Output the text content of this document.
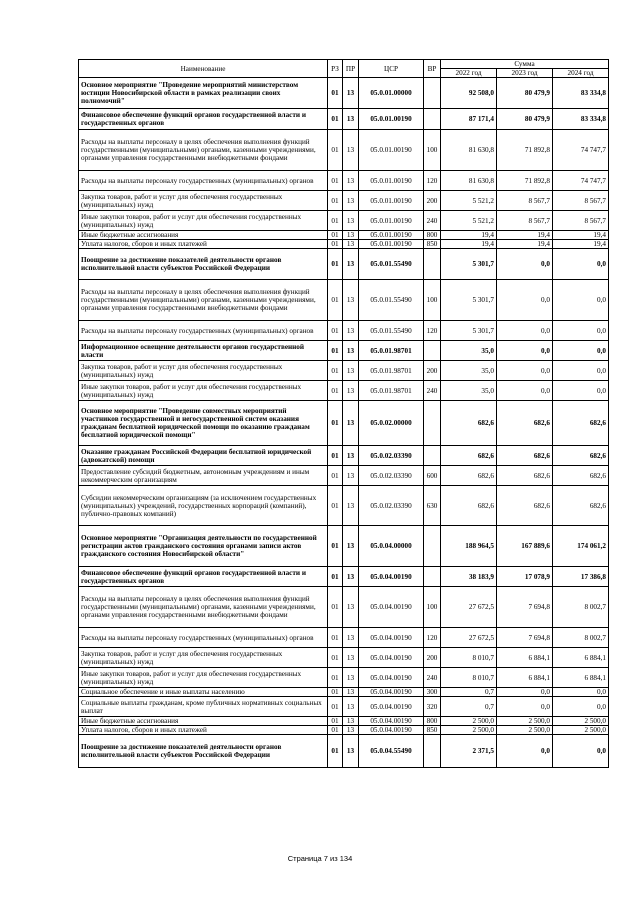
Наименование	РЗ	ПР	ЦСР	ВР	Сумма		
					2022 год	2023 год	2024 год
Основное мероприятие "Проведение мероприятий министерством юстиции Новосибирской области в рамках реализации своих полномочий"	01	13	05.0.01.00000		92 508,0	80 479,9	83 334,8
Финансовое обеспечение функций органов государственной власти и государственных органов	01	13	05.0.01.00190		87 171,4	80 479,9	83 334,8
Расходы на выплаты персоналу в целях обеспечения выполнения функций государственными (муниципальными) органами, казенными учреждениями, органами управления государственными внебюджетными фондами	01	13	05.0.01.00190	100	81 630,8	71 892,8	74 747,7
Расходы на выплаты персоналу государственных (муниципальных) органов	01	13	05.0.01.00190	120	81 630,8	71 892,8	74 747,7
Закупка товаров, работ и услуг для обеспечения государственных (муниципальных) нужд	01	13	05.0.01.00190	200	5 521,2	8 567,7	8 567,7
Иные закупки товаров, работ и услуг для обеспечения государственных (муниципальных) нужд	01	13	05.0.01.00190	240	5 521,2	8 567,7	8 567,7
Иные бюджетные ассигнования	01	13	05.0.01.00190	800	19,4	19,4	19,4
Уплата налогов, сборов и иных платежей	01	13	05.0.01.00190	850	19,4	19,4	19,4
Поощрение за достижение показателей деятельности органов исполнительной власти субъектов Российской Федерации	01	13	05.0.01.55490		5 301,7	0,0	0,0
Расходы на выплаты персоналу в целях обеспечения выполнения функций государственными (муниципальными) органами, казенными учреждениями, органами управления государственными внебюджетными фондами	01	13	05.0.01.55490	100	5 301,7	0,0	0,0
Расходы на выплаты персоналу государственных (муниципальных) органов	01	13	05.0.01.55490	120	5 301,7	0,0	0,0
Информационное освещение деятельности органов государственной власти	01	13	05.0.01.98701		35,0	0,0	0,0
Закупка товаров, работ и услуг для обеспечения государственных (муниципальных) нужд	01	13	05.0.01.98701	200	35,0	0,0	0,0
Иные закупки товаров, работ и услуг для обеспечения государственных (муниципальных) нужд	01	13	05.0.01.98701	240	35,0	0,0	0,0
Основное мероприятие "Проведение совместных мероприятий участников государственной и негосударственной систем оказания гражданам бесплатной юридической помощи по оказанию гражданам бесплатной юридической помощи"	01	13	05.0.02.00000		682,6	682,6	682,6
Оказание гражданам Российской Федерации бесплатной юридической (адвокатской) помощи	01	13	05.0.02.03390		682,6	682,6	682,6
Предоставление субсидий бюджетным, автономным учреждениям и иным некоммерческим организациям	01	13	05.0.02.03390	600	682,6	682,6	682,6
Субсидии некоммерческим организациям (за исключением государственных (муниципальных) учреждений, государственных корпораций (компаний), публично-правовых компаний)	01	13	05.0.02.03390	630	682,6	682,6	682,6
Основное мероприятие "Организация деятельности по государственной регистрации актов гражданского состояния органами записи актов гражданского состояния Новосибирской области"	01	13	05.0.04.00000		188 964,5	167 889,6	174 061,2
Финансовое обеспечение функций органов государственной власти и государственных органов	01	13	05.0.04.00190		38 183,9	17 078,9	17 386,8
Расходы на выплаты персоналу в целях обеспечения выполнения функций государственными (муниципальными) органами, казенными учреждениями, органами управления государственными внебюджетными фондами	01	13	05.0.04.00190	100	27 672,5	7 694,8	8 002,7
Расходы на выплаты персоналу государственных (муниципальных) органов	01	13	05.0.04.00190	120	27 672,5	7 694,8	8 002,7
Закупка товаров, работ и услуг для обеспечения государственных (муниципальных) нужд	01	13	05.0.04.00190	200	8 010,7	6 884,1	6 884,1
Иные закупки товаров, работ и услуг для обеспечения государственных (муниципальных) нужд	01	13	05.0.04.00190	240	8 010,7	6 884,1	6 884,1
Социальное обеспечение и иные выплаты населению	01	13	05.0.04.00190	300	0,7	0,0	0,0
Социальные выплаты гражданам, кроме публичных нормативных социальных выплат	01	13	05.0.04.00190	320	0,7	0,0	0,0
Иные бюджетные ассигнования	01	13	05.0.04.00190	800	2 500,0	2 500,0	2 500,0
Уплата налогов, сборов и иных платежей	01	13	05.0.04.00190	850	2 500,0	2 500,0	2 500,0
Поощрение за достижение показателей деятельности органов исполнительной власти субъектов Российской Федерации	01	13	05.0.04.55490		2 371,5	0,0	0,0
Страница 7 из 134
